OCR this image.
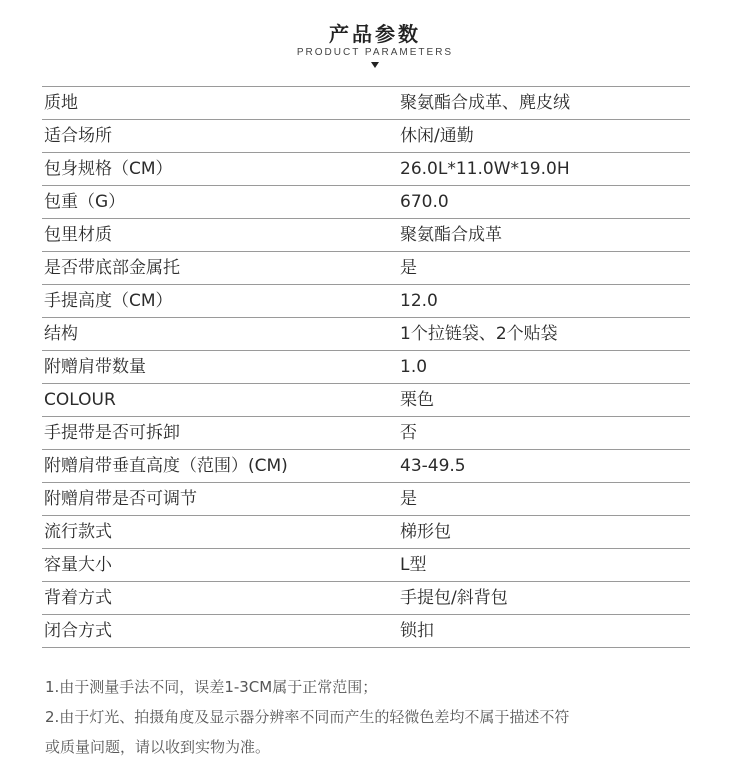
产品参数
PRODUCT PARAMETERS
质地	聚氨酯合成革、麂皮绒
适合场所	休闲/通勤
包身规格（CM）	26.0L*11.0W*19.0H
包重（G）	670.0
包里材质	聚氨酯合成革
是否带底部金属托	是
手提高度（CM）	12.0
结构	1个拉链袋、2个贴袋
附赠肩带数量	1.0
COLOUR	栗色
手提带是否可拆卸	否
附赠肩带垂直高度（范围）(CM)	43-49.5
附赠肩带是否可调节	是
流行款式	梯形包
容量大小	L型
背着方式	手提包/斜背包
闭合方式	锁扣
1.由于测量手法不同，误差1-3CM属于正常范围；
2.由于灯光、拍摄角度及显示器分辨率不同而产生的轻微色差均不属于描述不符
或质量问题，请以收到实物为准。
